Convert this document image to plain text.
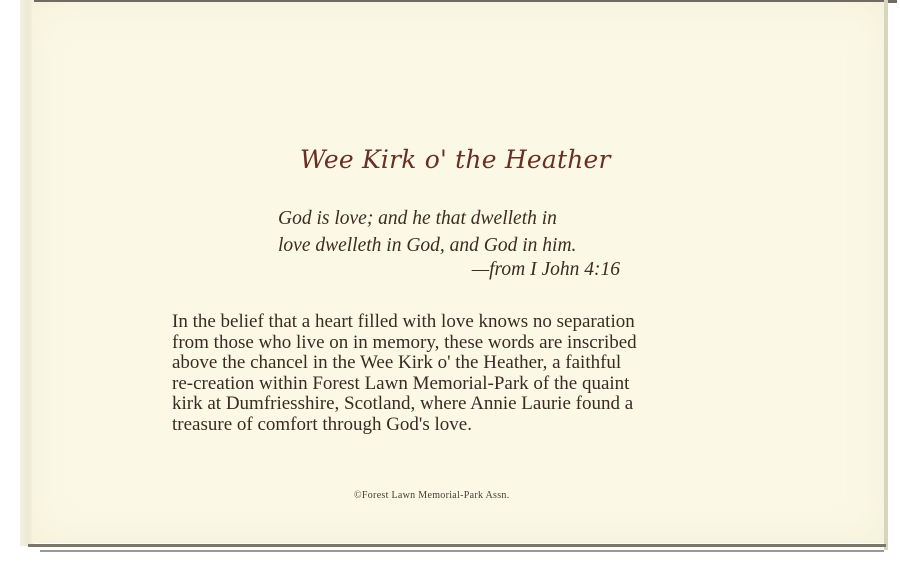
Wee Kirk o' the Heather
God is love; and he that dwelleth in
love dwelleth in God, and God in him.
—from I John 4:16
In the belief that a heart filled with love knows no separation
from those who live on in memory, these words are inscribed
above the chancel in the Wee Kirk o' the Heather, a faithful
re-creation within Forest Lawn Memorial-Park of the quaint
kirk at Dumfriesshire, Scotland, where Annie Laurie found a
treasure of comfort through God's love.
©Forest Lawn Memorial-Park Assn.
